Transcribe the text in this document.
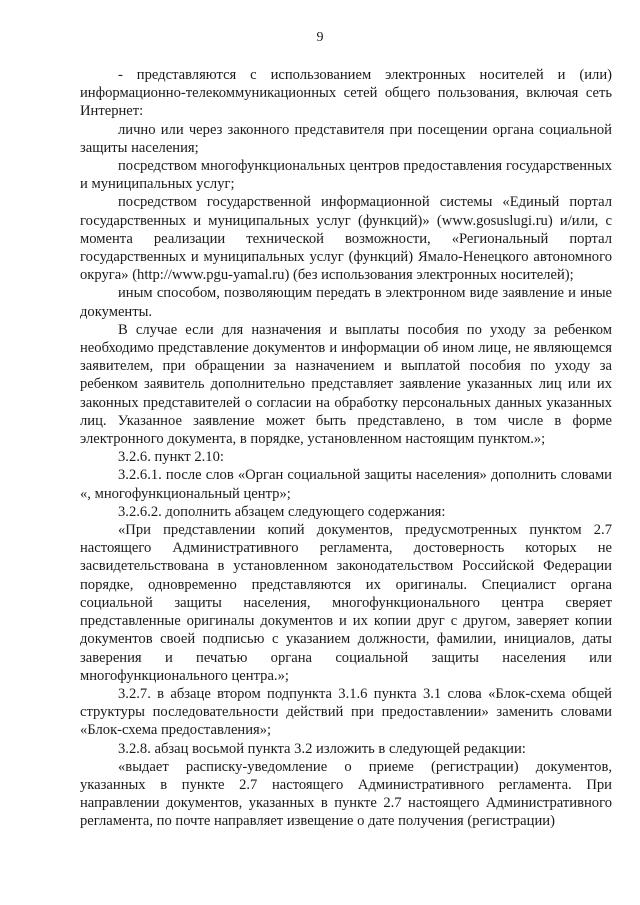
9

- представляются с использованием электронных носителей и (или) информационно-телекоммуникационных сетей общего пользования, включая сеть Интернет:

лично или через законного представителя при посещении органа социальной защиты населения;

посредством многофункциональных центров предоставления государственных и муниципальных услуг;

посредством государственной информационной системы «Единый портал государственных и муниципальных услуг (функций)» (www.gosuslugi.ru) и/или, с момента реализации технической возможности, «Региональный портал государственных и муниципальных услуг (функций) Ямало-Ненецкого автономного округа» (http://www.pgu-yamal.ru) (без использования электронных носителей);

иным способом, позволяющим передать в электронном виде заявление и иные документы.

В случае если для назначения и выплаты пособия по уходу за ребенком необходимо представление документов и информации об ином лице, не являющемся заявителем, при обращении за назначением и выплатой пособия по уходу за ребенком заявитель дополнительно представляет заявление указанных лиц или их законных представителей о согласии на обработку персональных данных указанных лиц. Указанное заявление может быть представлено, в том числе в форме электронного документа, в порядке, установленном настоящим пунктом.»;

3.2.6. пункт 2.10:

3.2.6.1. после слов «Орган социальной защиты населения» дополнить словами «, многофункциональный центр»;

3.2.6.2. дополнить абзацем следующего содержания:

«При представлении копий документов, предусмотренных пунктом 2.7 настоящего Административного регламента, достоверность которых не засвидетельствована в установленном законодательством Российской Федерации порядке, одновременно представляются их оригиналы. Специалист органа социальной защиты населения, многофункционального центра сверяет представленные оригиналы документов и их копии друг с другом, заверяет копии документов своей подписью с указанием должности, фамилии, инициалов, даты заверения и печатью органа социальной защиты населения или многофункционального центра.»;

3.2.7. в абзаце втором подпункта 3.1.6 пункта 3.1 слова «Блок-схема общей структуры последовательности действий при предоставлении» заменить словами «Блок-схема предоставления»;

3.2.8. абзац восьмой пункта 3.2 изложить в следующей редакции:

«выдает расписку-уведомление о приеме (регистрации) документов, указанных в пункте 2.7 настоящего Административного регламента. При направлении документов, указанных в пункте 2.7 настоящего Административного регламента, по почте направляет извещение о дате получения (регистрации)
